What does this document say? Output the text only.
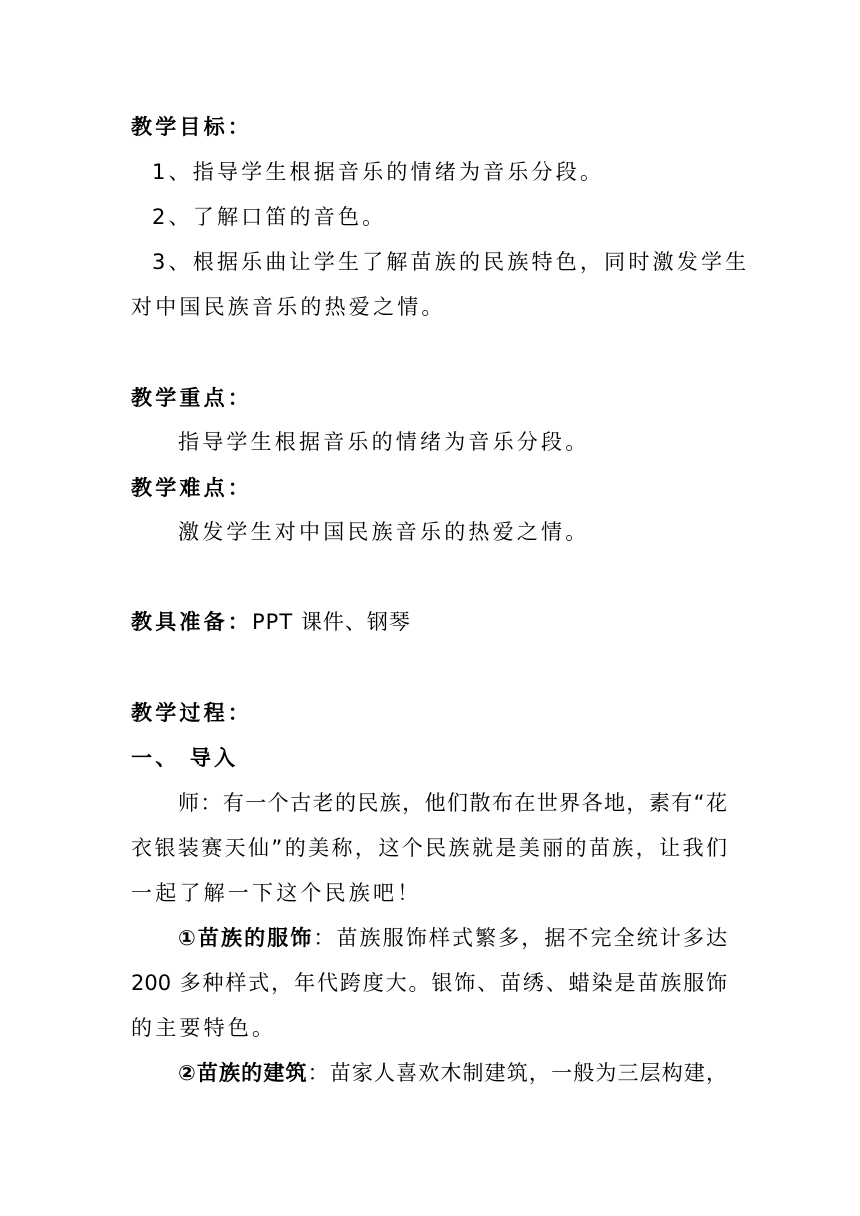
教学目标：
1、指导学生根据音乐的情绪为音乐分段。
2、了解口笛的音色。
3、根据乐曲让学生了解苗族的民族特色，同时激发学生
对中国民族音乐的热爱之情。
教学重点：
指导学生根据音乐的情绪为音乐分段。
教学难点：
激发学生对中国民族音乐的热爱之情。
教具准备：PPT 课件、钢琴
教学过程：
一、 导入
师：有一个古老的民族，他们散布在世界各地，素有“花
衣银装赛天仙”的美称，这个民族就是美丽的苗族，让我们
一起了解一下这个民族吧！
①苗族的服饰：苗族服饰样式繁多，据不完全统计多达
200 多种样式，年代跨度大。银饰、苗绣、蜡染是苗族服饰
的主要特色。
②苗族的建筑：苗家人喜欢木制建筑，一般为三层构建，
